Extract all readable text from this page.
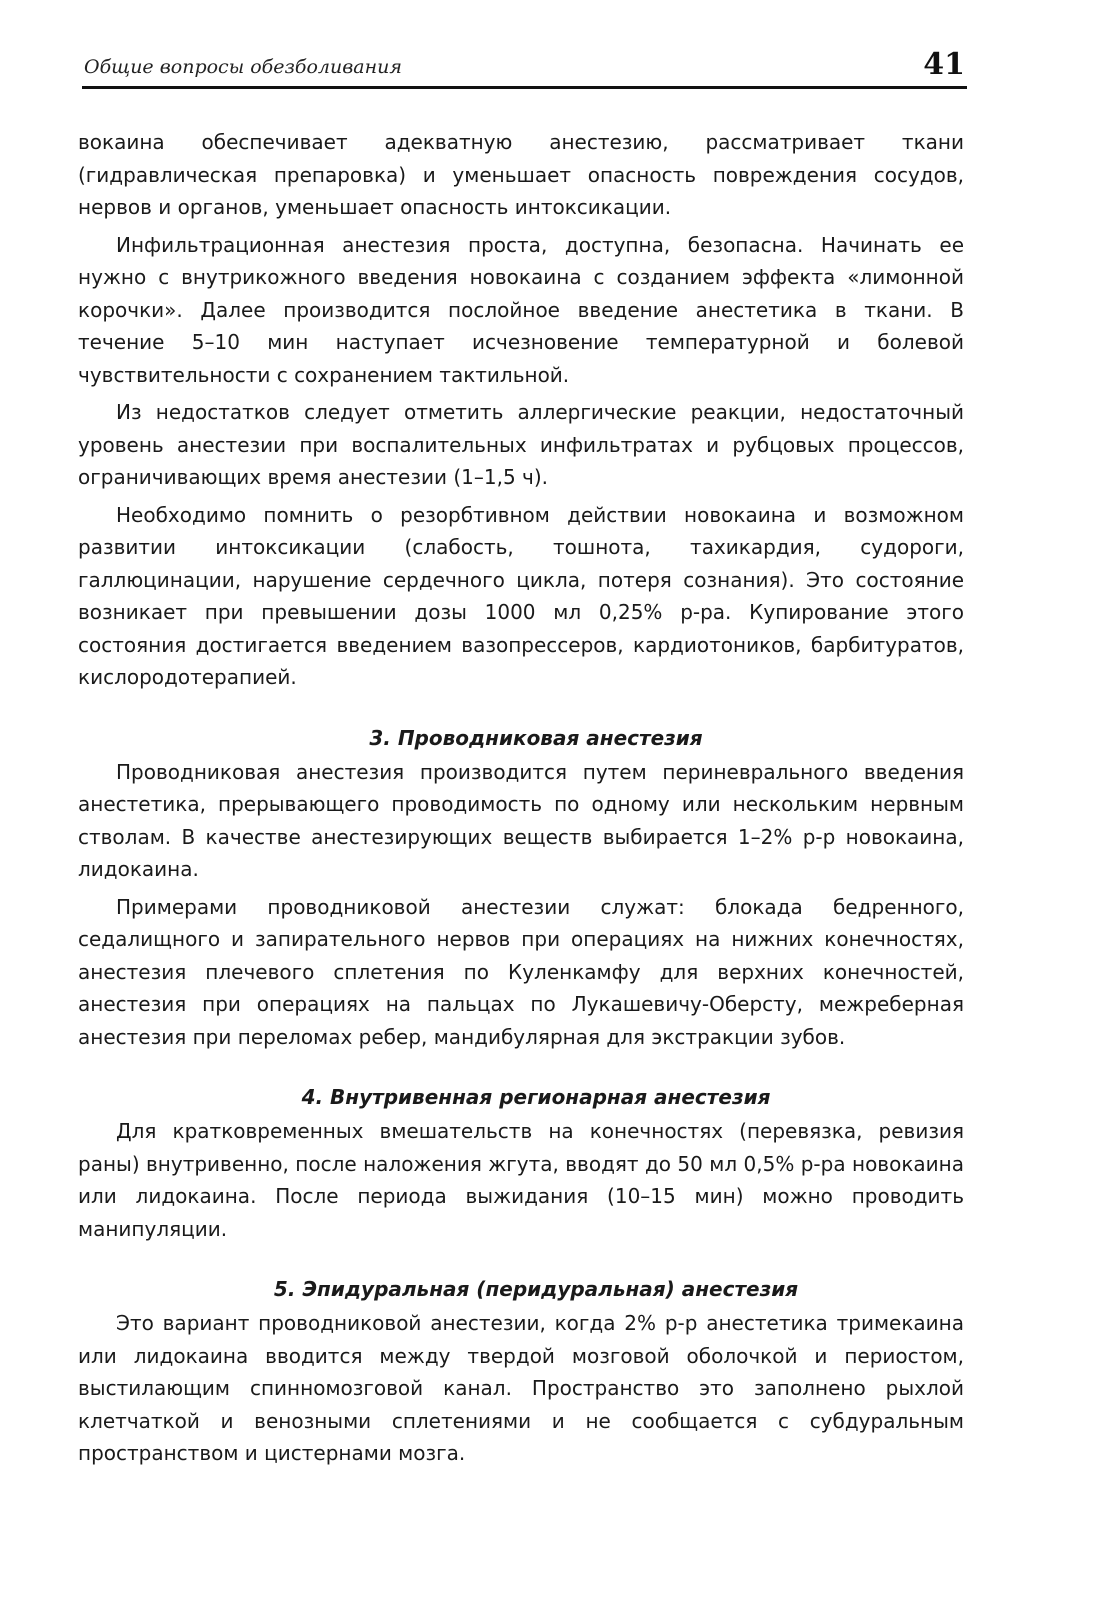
Общие вопросы обезболивания	41

вокаина обеспечивает адекватную анестезию, рассматривает ткани (гидравлическая препаровка) и уменьшает опасность повреждения сосудов, нервов и органов, уменьшает опасность интоксикации.

Инфильтрационная анестезия проста, доступна, безопасна. Начинать ее нужно с внутрикожного введения новокаина с созданием эффекта «лимонной корочки». Далее производится послойное введение анестетика в ткани. В течение 5–10 мин наступает исчезновение температурной и болевой чувствительности с сохранением тактильной.

Из недостатков следует отметить аллергические реакции, недостаточный уровень анестезии при воспалительных инфильтратах и рубцовых процессов, ограничивающих время анестезии (1–1,5 ч).

Необходимо помнить о резорбтивном действии новокаина и возможном развитии интоксикации (слабость, тошнота, тахикардия, судороги, галлюцинации, нарушение сердечного цикла, потеря сознания). Это состояние возникает при превышении дозы 1000 мл 0,25% р-ра. Купирование этого состояния достигается введением вазопрессеров, кардиотоников, барбитуратов, кислородотерапией.

3. Проводниковая анестезия

Проводниковая анестезия производится путем периневрального введения анестетика, прерывающего проводимость по одному или нескольким нервным стволам. В качестве анестезирующих веществ выбирается 1–2% р-р новокаина, лидокаина.

Примерами проводниковой анестезии служат: блокада бедренного, седалищного и запирательного нервов при операциях на нижних конечностях, анестезия плечевого сплетения по Куленкамфу для верхних конечностей, анестезия при операциях на пальцах по Лукашевичу-Оберсту, межреберная анестезия при переломах ребер, мандибулярная для экстракции зубов.

4. Внутривенная регионарная анестезия

Для кратковременных вмешательств на конечностях (перевязка, ревизия раны) внутривенно, после наложения жгута, вводят до 50 мл 0,5% р-ра новокаина или лидокаина. После периода выжидания (10–15 мин) можно проводить манипуляции.

5. Эпидуральная (перидуральная) анестезия

Это вариант проводниковой анестезии, когда 2% р-р анестетика тримекаина или лидокаина вводится между твердой мозговой оболочкой и периостом, выстилающим спинномозговой канал. Пространство это заполнено рыхлой клетчаткой и венозными сплетениями и не сообщается с субдуральным пространством и цистернами мозга.
